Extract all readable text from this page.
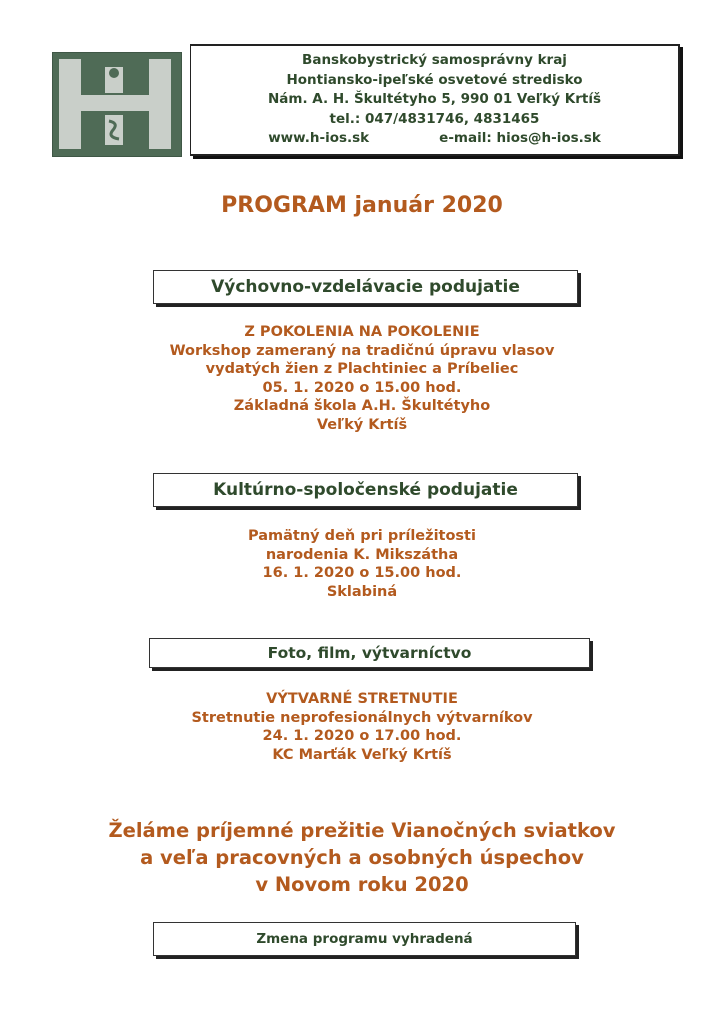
Banskobystrický samosprávny kraj
Hontiansko-ipeľské osvetové stredisko
Nám. A. H. Škultétyho 5, 990 01 Veľký Krtíš
tel.: 047/4831746, 4831465
www.h-ios.sk	e-mail: hios@h-ios.sk
PROGRAM január 2020
Výchovno-vzdelávacie podujatie
Z POKOLENIA NA POKOLENIE
Workshop zameraný na tradičnú úpravu vlasov
vydatých žien z Plachtiniec a Príbeliec
05. 1. 2020 o 15.00 hod.
Základná škola A.H. Škultétyho
Veľký Krtíš
Kultúrno-spoločenské podujatie
Pamätný deň pri príležitosti
narodenia K. Mikszátha
16. 1. 2020 o 15.00 hod.
Sklabiná
Foto, film, výtvarníctvo
VÝTVARNÉ STRETNUTIE
Stretnutie neprofesionálnych výtvarníkov
24. 1. 2020 o 17.00 hod.
KC Marťák Veľký Krtíš
Želáme príjemné prežitie Vianočných sviatkov
a veľa pracovných a osobných úspechov
v Novom roku 2020
Zmena programu vyhradená
